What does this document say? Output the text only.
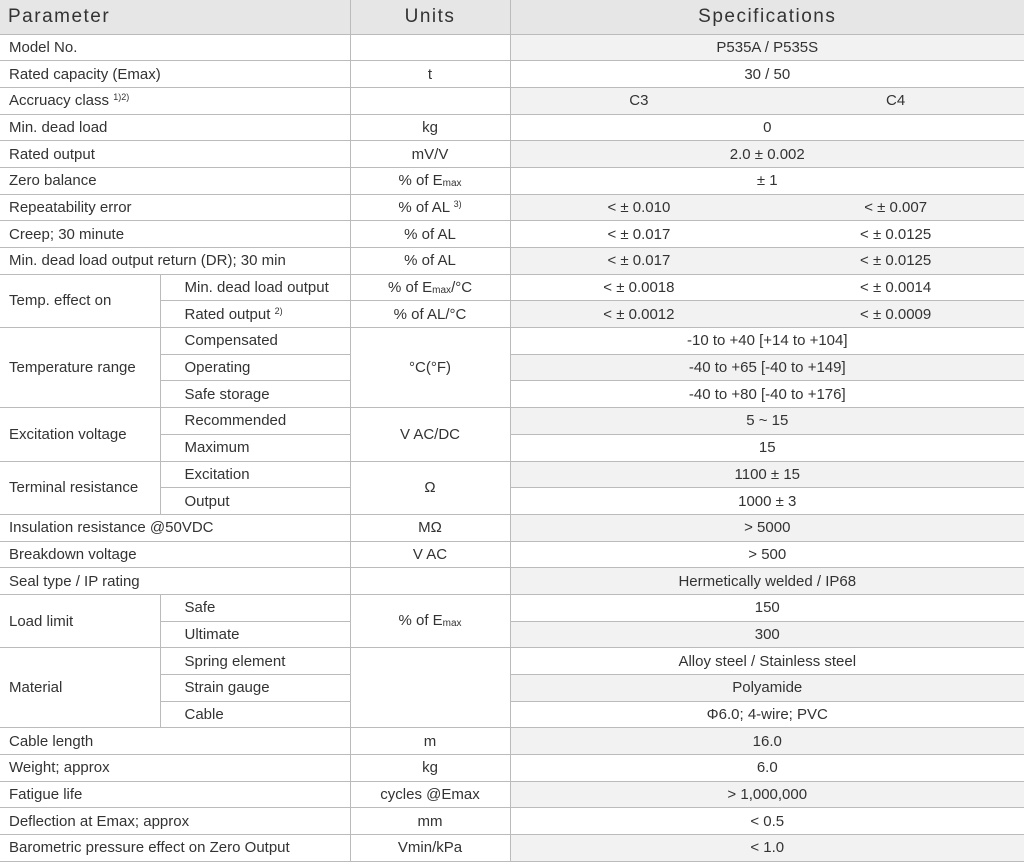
Parameter		Units	Specifications
Model No.			P535A / P535S
Rated capacity (Emax)		t	30 / 50
Accruacy class $^{1)2)}$			C3 C4
Min. dead load		kg	0
Rated output		mV/V	2.0 ± 0.002
Zero balance		% of Emax	± 1
Repeatability error		% of AL $^{3)}$	< ± 0.010 < ± 0.007
Creep; 30 minute		% of AL	< ± 0.017 < ± 0.0125
Min. dead load output return (DR); 30 min		% of AL	< ± 0.017 < ± 0.0125
Temp. effect on	Min. dead load output	% of Emax/°C	< ± 0.0018 < ± 0.0014
	Rated output $^{2)}$	% of AL/°C	< ± 0.0012 < ± 0.0009
Temperature range	Compensated	°C(°F)	-10 to +40 [+14 to +104]
	Operating		-40 to +65 [-40 to +149]
	Safe storage		-40 to +80 [-40 to +176]
Excitation voltage	Recommended	V AC/DC	5 ~ 15
	Maximum		15
Terminal resistance	Excitation	Ω	1100 ± 15
	Output		1000 ± 3
Insulation resistance @50VDC		MΩ	> 5000
Breakdown voltage		V AC	> 500
Seal type / IP rating			Hermetically welded / IP68
Load limit	Safe	% of Emax	150
	Ultimate		300
Material	Spring element		Alloy steel / Stainless steel
	Strain gauge		Polyamide
	Cable		Φ6.0; 4-wire; PVC
Cable length		m	16.0
Weight; approx		kg	6.0
Fatigue life		cycles @Emax	> 1,000,000
Deflection at Emax; approx		mm	< 0.5
Barometric pressure effect on Zero Output		Vmin/kPa	< 1.0
